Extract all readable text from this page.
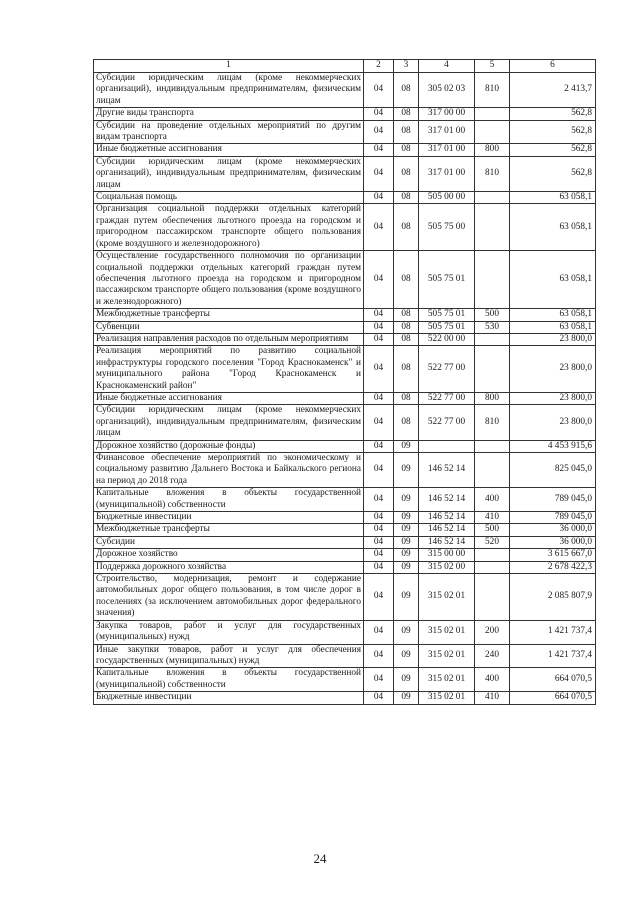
1	2	3	4	5	6
Субсидии юридическим лицам (кроме некоммерческих организаций), индивидуальным предпринимателям, физическим лицам	04	08	305 02 03	810	2 413,7
Другие виды транспорта	04	08	317 00 00		562,8
Субсидии на проведение отдельных мероприятий по другим видам транспорта	04	08	317 01 00		562,8
Иные бюджетные ассигнования	04	08	317 01 00	800	562,8
Субсидии юридическим лицам (кроме некоммерческих организаций), индивидуальным предпринимателям, физическим лицам	04	08	317 01 00	810	562,8
Социальная помощь	04	08	505 00 00		63 058,1
Организация социальной поддержки отдельных категорий граждан путем обеспечения льготного проезда на городском и пригородном пассажирском транспорте общего пользования (кроме воздушного и железнодорожного)	04	08	505 75 00		63 058,1
Осуществление государственного полномочия по организации социальной поддержки отдельных категорий граждан путем обеспечения льготного проезда на городском и пригородном пассажирском транспорте общего пользования (кроме воздушного и железнодорожного)	04	08	505 75 01		63 058,1
Межбюджетные трансферты	04	08	505 75 01	500	63 058,1
Субвенции	04	08	505 75 01	530	63 058,1
Реализация направления расходов по отдельным мероприятиям	04	08	522 00 00		23 800,0
Реализация мероприятий по развитию социальной инфраструктуры городского поселения "Город Краснокаменск" и муниципального района "Город Краснокаменск и Краснокаменский район"	04	08	522 77 00		23 800,0
Иные бюджетные ассигнования	04	08	522 77 00	800	23 800,0
Субсидии юридическим лицам (кроме некоммерческих организаций), индивидуальным предпринимателям, физическим лицам	04	08	522 77 00	810	23 800,0
Дорожное хозяйство (дорожные фонды)	04	09			4 453 915,6
Финансовое обеспечение мероприятий по экономическому и социальному развитию Дальнего Востока и Байкальского региона на период до 2018 года	04	09	146 52 14		825 045,0
Капитальные вложения в объекты государственной (муниципальной) собственности	04	09	146 52 14	400	789 045,0
Бюджетные инвестиции	04	09	146 52 14	410	789 045,0
Межбюджетные трансферты	04	09	146 52 14	500	36 000,0
Субсидии	04	09	146 52 14	520	36 000,0
Дорожное хозяйство	04	09	315 00 00		3 615 667,0
Поддержка дорожного хозяйства	04	09	315 02 00		2 678 422,3
Строительство, модернизация, ремонт и содержание автомобильных дорог общего пользования, в том числе дорог в поселениях (за исключением автомобильных дорог федерального значения)	04	09	315 02 01		2 085 807,9
Закупка товаров, работ и услуг для государственных (муниципальных) нужд	04	09	315 02 01	200	1 421 737,4
Иные закупки товаров, работ и услуг для обеспечения государственных (муниципальных) нужд	04	09	315 02 01	240	1 421 737,4
Капитальные вложения в объекты государственной (муниципальной) собственности	04	09	315 02 01	400	664 070,5
Бюджетные инвестиции	04	09	315 02 01	410	664 070,5
24
